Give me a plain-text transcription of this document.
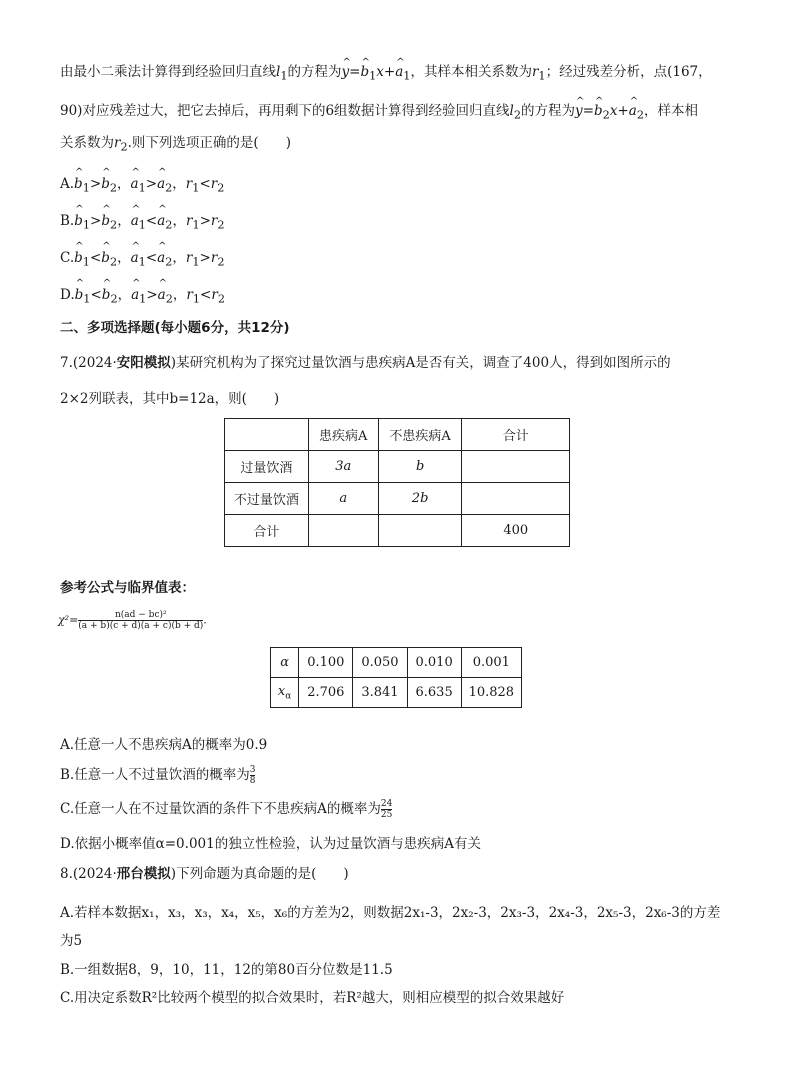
由最小二乘法计算得到经验回归直线$l_1$的方程为^ y=^ $b_1x+\^{}$ $a_1$，其样本相关系数为$r_1$；经过残差分析，点(167，
90)对应残差过大，把它去掉后，再用剩下的6组数据计算得到经验回归直线$l_2$的方程为^ y=^ $b_2x+\^{}$ $a_2$，样本相
关系数为$r_2$.则下列选项正确的是(　　)
A.^ $b_1>\^{}$ $b_2$，^ $a_1>\^{}$ $a_2$，$r_1<r_2$
B.^ $b_1>\^{}$ $b_2$，^ $a_1<\^{}$ $a_2$，$r_1>r_2$
C.^ $b_1<\^{}$ $b_2$，^ $a_1<\^{}$ $a_2$，$r_1>r_2$
D.^ $b_1<\^{}$ $b_2$，^ $a_1>\^{}$ $a_2$，$r_1<r_2$
二、多项选择题(每小题6分，共12分)
7.(2024·安阳模拟)某研究机构为了探究过量饮酒与患疾病A是否有关，调查了400人，得到如图所示的
2×2列联表，其中b=12a，则(　　)
	患疾病A	不患疾病A	合计
过量饮酒	3a	b	
不过量饮酒	a	2b	
合计			400
参考公式与临界值表：
$\chi^2= \frac{\text{n(ad − bc)²}}{(a + b)(c + d)(a + c)(b + d)}$.
α	0.100	0.050	0.010	0.001
$x_\alpha$	2.706	3.841	6.635	10.828
A.任意一人不患疾病A的概率为0.9
B.任意一人不过量饮酒的概率为 $\frac{3}{8}$
C.任意一人在不过量饮酒的条件下不患疾病A的概率为 $\frac{24}{25}$
D.依据小概率值α=0.001的独立性检验，认为过量饮酒与患疾病A有关
8.(2024·邢台模拟)下列命题为真命题的是(　　)
A.若样本数据x₁，x₃，x₃，x₄，x₅，x₆的方差为2，则数据2x₁-3，2x₂-3，2x₃-3，2x₄-3，2x₅-3，2x₆-3的方差
为5
B.一组数据8，9，10，11，12的第80百分位数是11.5
C.用决定系数R²比较两个模型的拟合效果时，若R²越大，则相应模型的拟合效果越好
